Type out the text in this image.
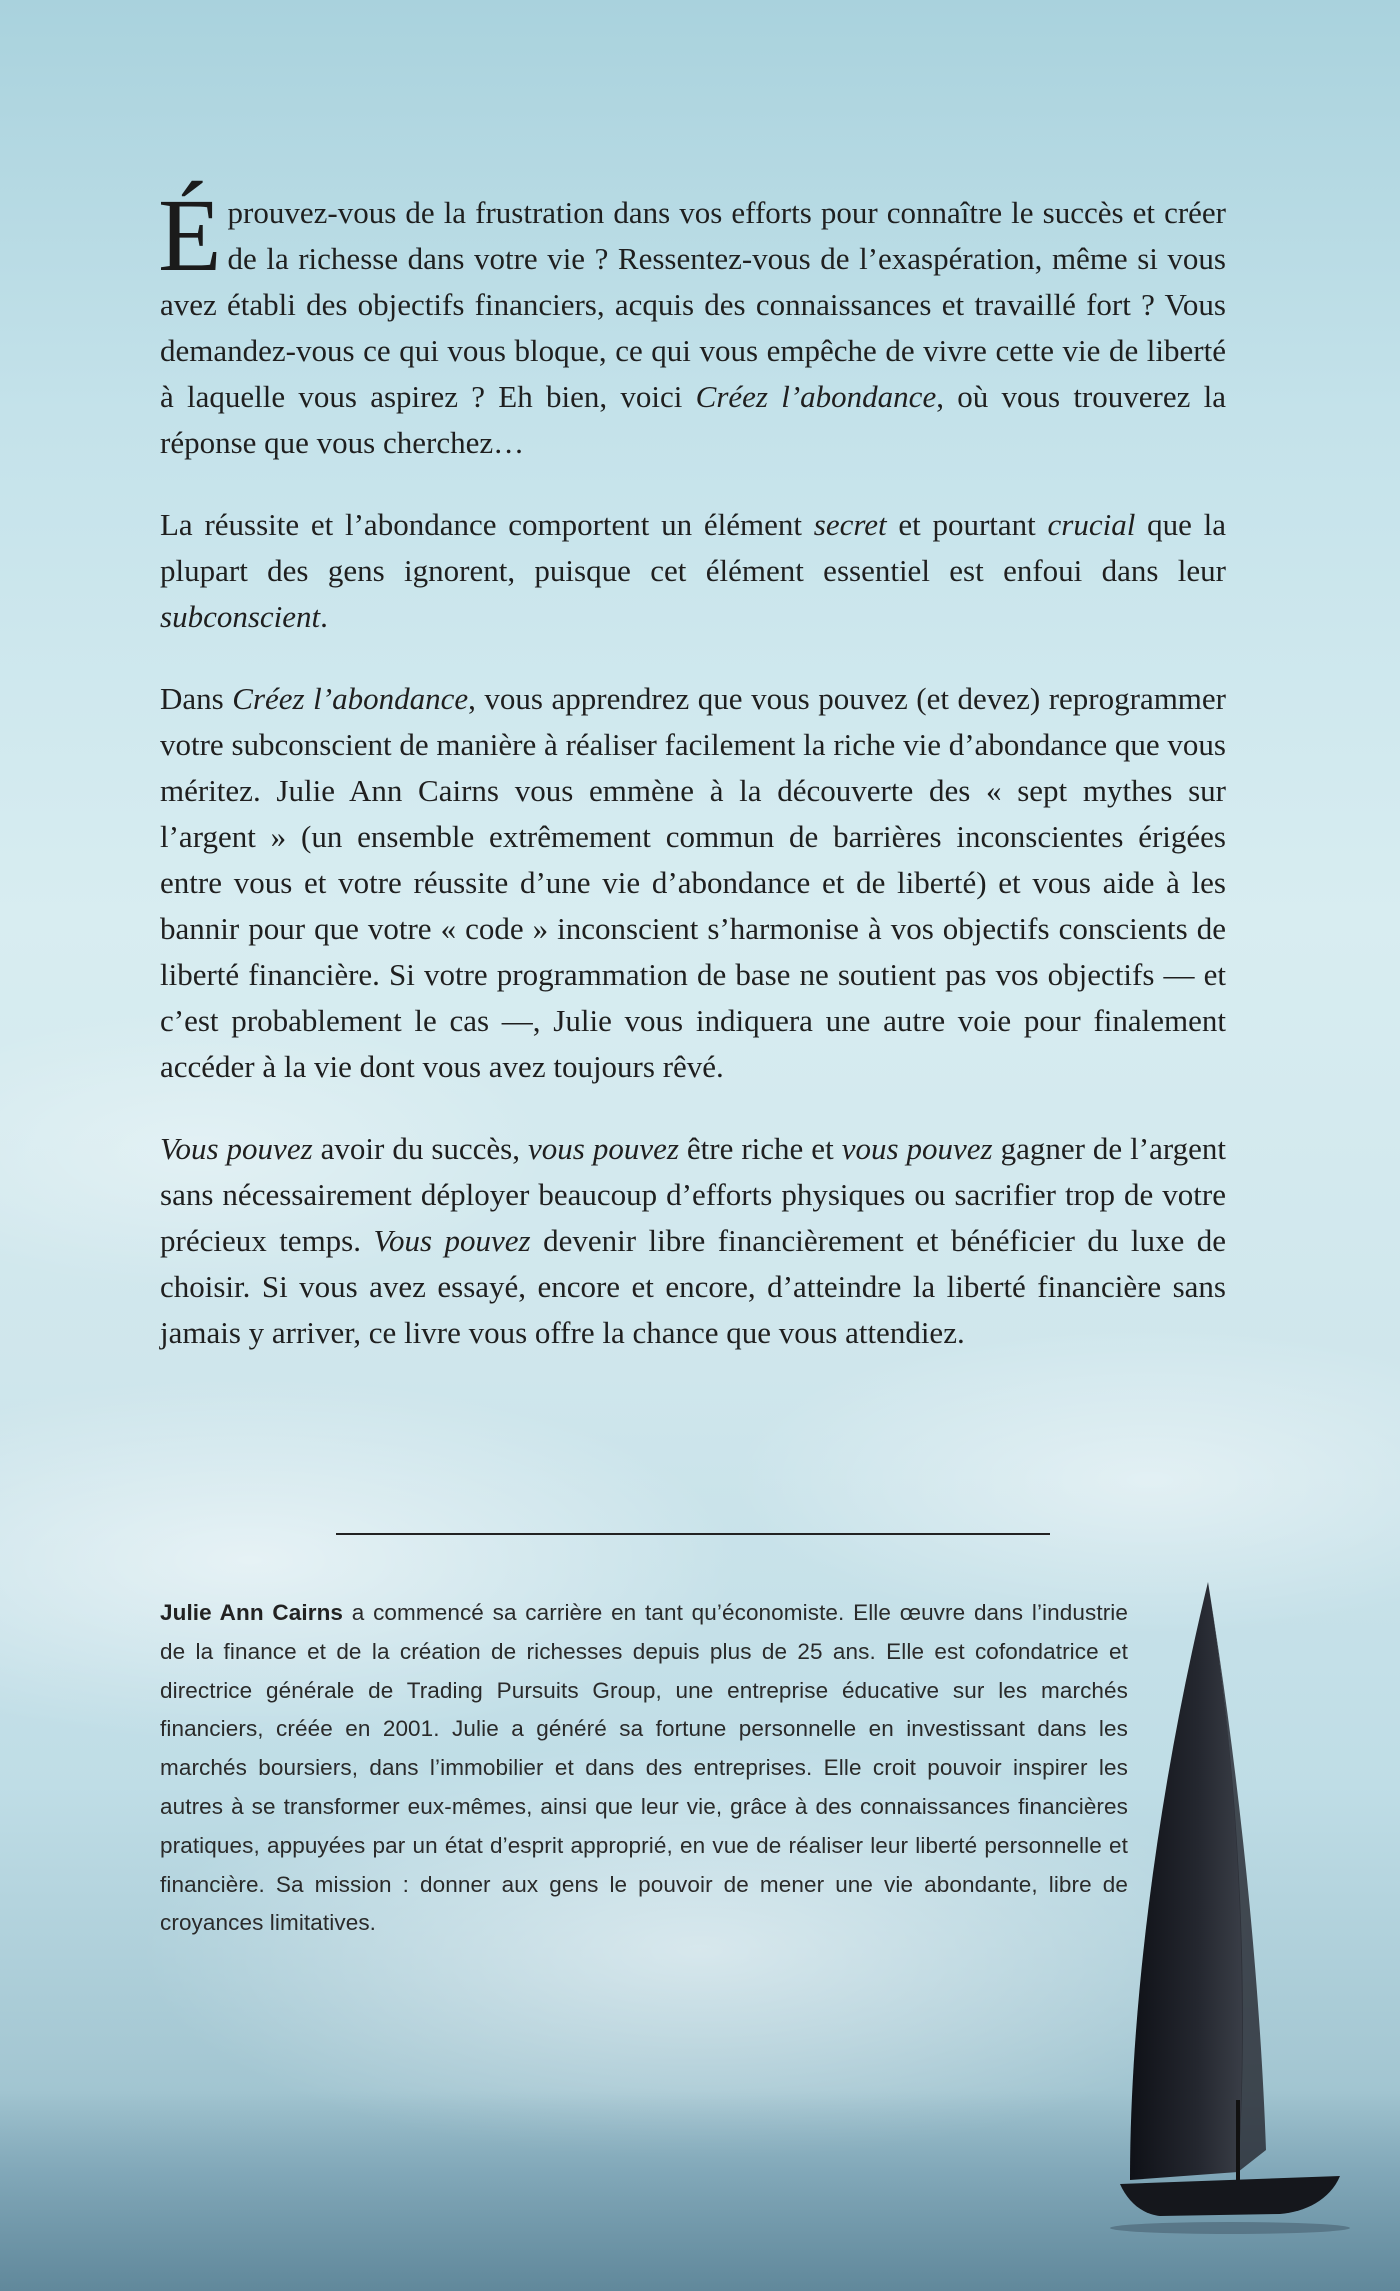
Éprouvez-vous de la frustration dans vos efforts pour connaître le succès et créer de la richesse dans votre vie ? Ressentez-vous de l’exaspération, même si vous avez établi des objectifs financiers, acquis des connaissances et travaillé fort ? Vous demandez-vous ce qui vous bloque, ce qui vous empêche de vivre cette vie de liberté à laquelle vous aspirez ? Eh bien, voici Créez l’abondance, où vous trouverez la réponse que vous cherchez…

La réussite et l’abondance comportent un élément secret et pourtant crucial que la plupart des gens ignorent, puisque cet élément essentiel est enfoui dans leur subconscient.

Dans Créez l’abondance, vous apprendrez que vous pouvez (et devez) reprogrammer votre subconscient de manière à réaliser facilement la riche vie d’abondance que vous méritez. Julie Ann Cairns vous emmène à la découverte des « sept mythes sur l’argent » (un ensemble extrêmement commun de barrières inconscientes érigées entre vous et votre réussite d’une vie d’abondance et de liberté) et vous aide à les bannir pour que votre « code » inconscient s’harmonise à vos objectifs conscients de liberté financière. Si votre programmation de base ne soutient pas vos objectifs — et c’est probablement le cas —, Julie vous indiquera une autre voie pour finalement accéder à la vie dont vous avez toujours rêvé.

Vous pouvez avoir du succès, vous pouvez être riche et vous pouvez gagner de l’argent sans nécessairement déployer beaucoup d’efforts physiques ou sacrifier trop de votre précieux temps. Vous pouvez devenir libre financièrement et bénéficier du luxe de choisir. Si vous avez essayé, encore et encore, d’atteindre la liberté financière sans jamais y arriver, ce livre vous offre la chance que vous attendiez.

Julie Ann Cairns a commencé sa carrière en tant qu’économiste. Elle œuvre dans l’industrie de la finance et de la création de richesses depuis plus de 25 ans. Elle est cofondatrice et directrice générale de Trading Pursuits Group, une entreprise éducative sur les marchés financiers, créée en 2001. Julie a généré sa fortune personnelle en investissant dans les marchés boursiers, dans l’immobilier et dans des entreprises. Elle croit pouvoir inspirer les autres à se transformer eux-mêmes, ainsi que leur vie, grâce à des connaissances financières pratiques, appuyées par un état d’esprit approprié, en vue de réaliser leur liberté personnelle et financière. Sa mission : donner aux gens le pouvoir de mener une vie abondante, libre de croyances limitatives.
